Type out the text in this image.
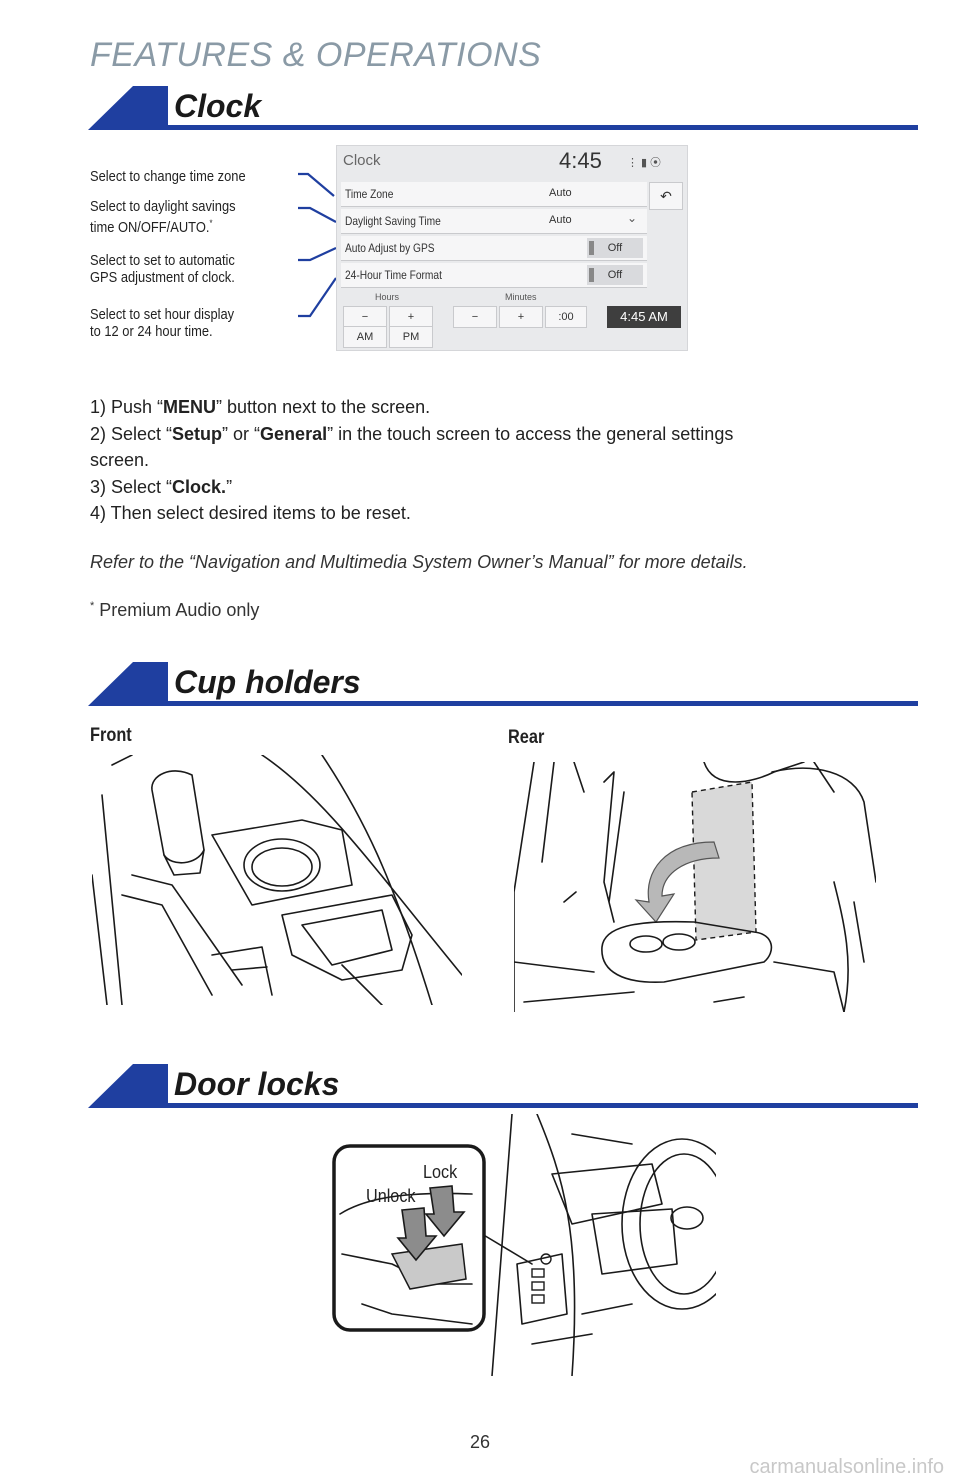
FEATURES & OPERATIONS
Clock
Select to change time zone
Select to daylight savings
time ON/OFF/AUTO.*
Select to set to automatic
GPS adjustment of clock.
Select to set hour display
to 12 or 24 hour time.
Clock	4:45 ⋮▮⦿
↶
Time Zone	Auto
Daylight Saving Time	Auto	⌄
Auto Adjust by GPS	Off
24-Hour Time Format	Off
Hours	Minutes
−	+	−	+	:00	4:45 AM
AM	PM

1) Push “MENU” button next to the screen.

2) Select “Setup” or “General” in the touch screen to access the general settings

screen.

3) Select “Clock.”

4) Then select desired items to be reset.

Refer to the “Navigation and Multimedia System Owner’s Manual” for more details.
* Premium Audio only
Cup holders
Front	Rear
Door locks
Lock
Unlock
26
carmanualsonline.info
